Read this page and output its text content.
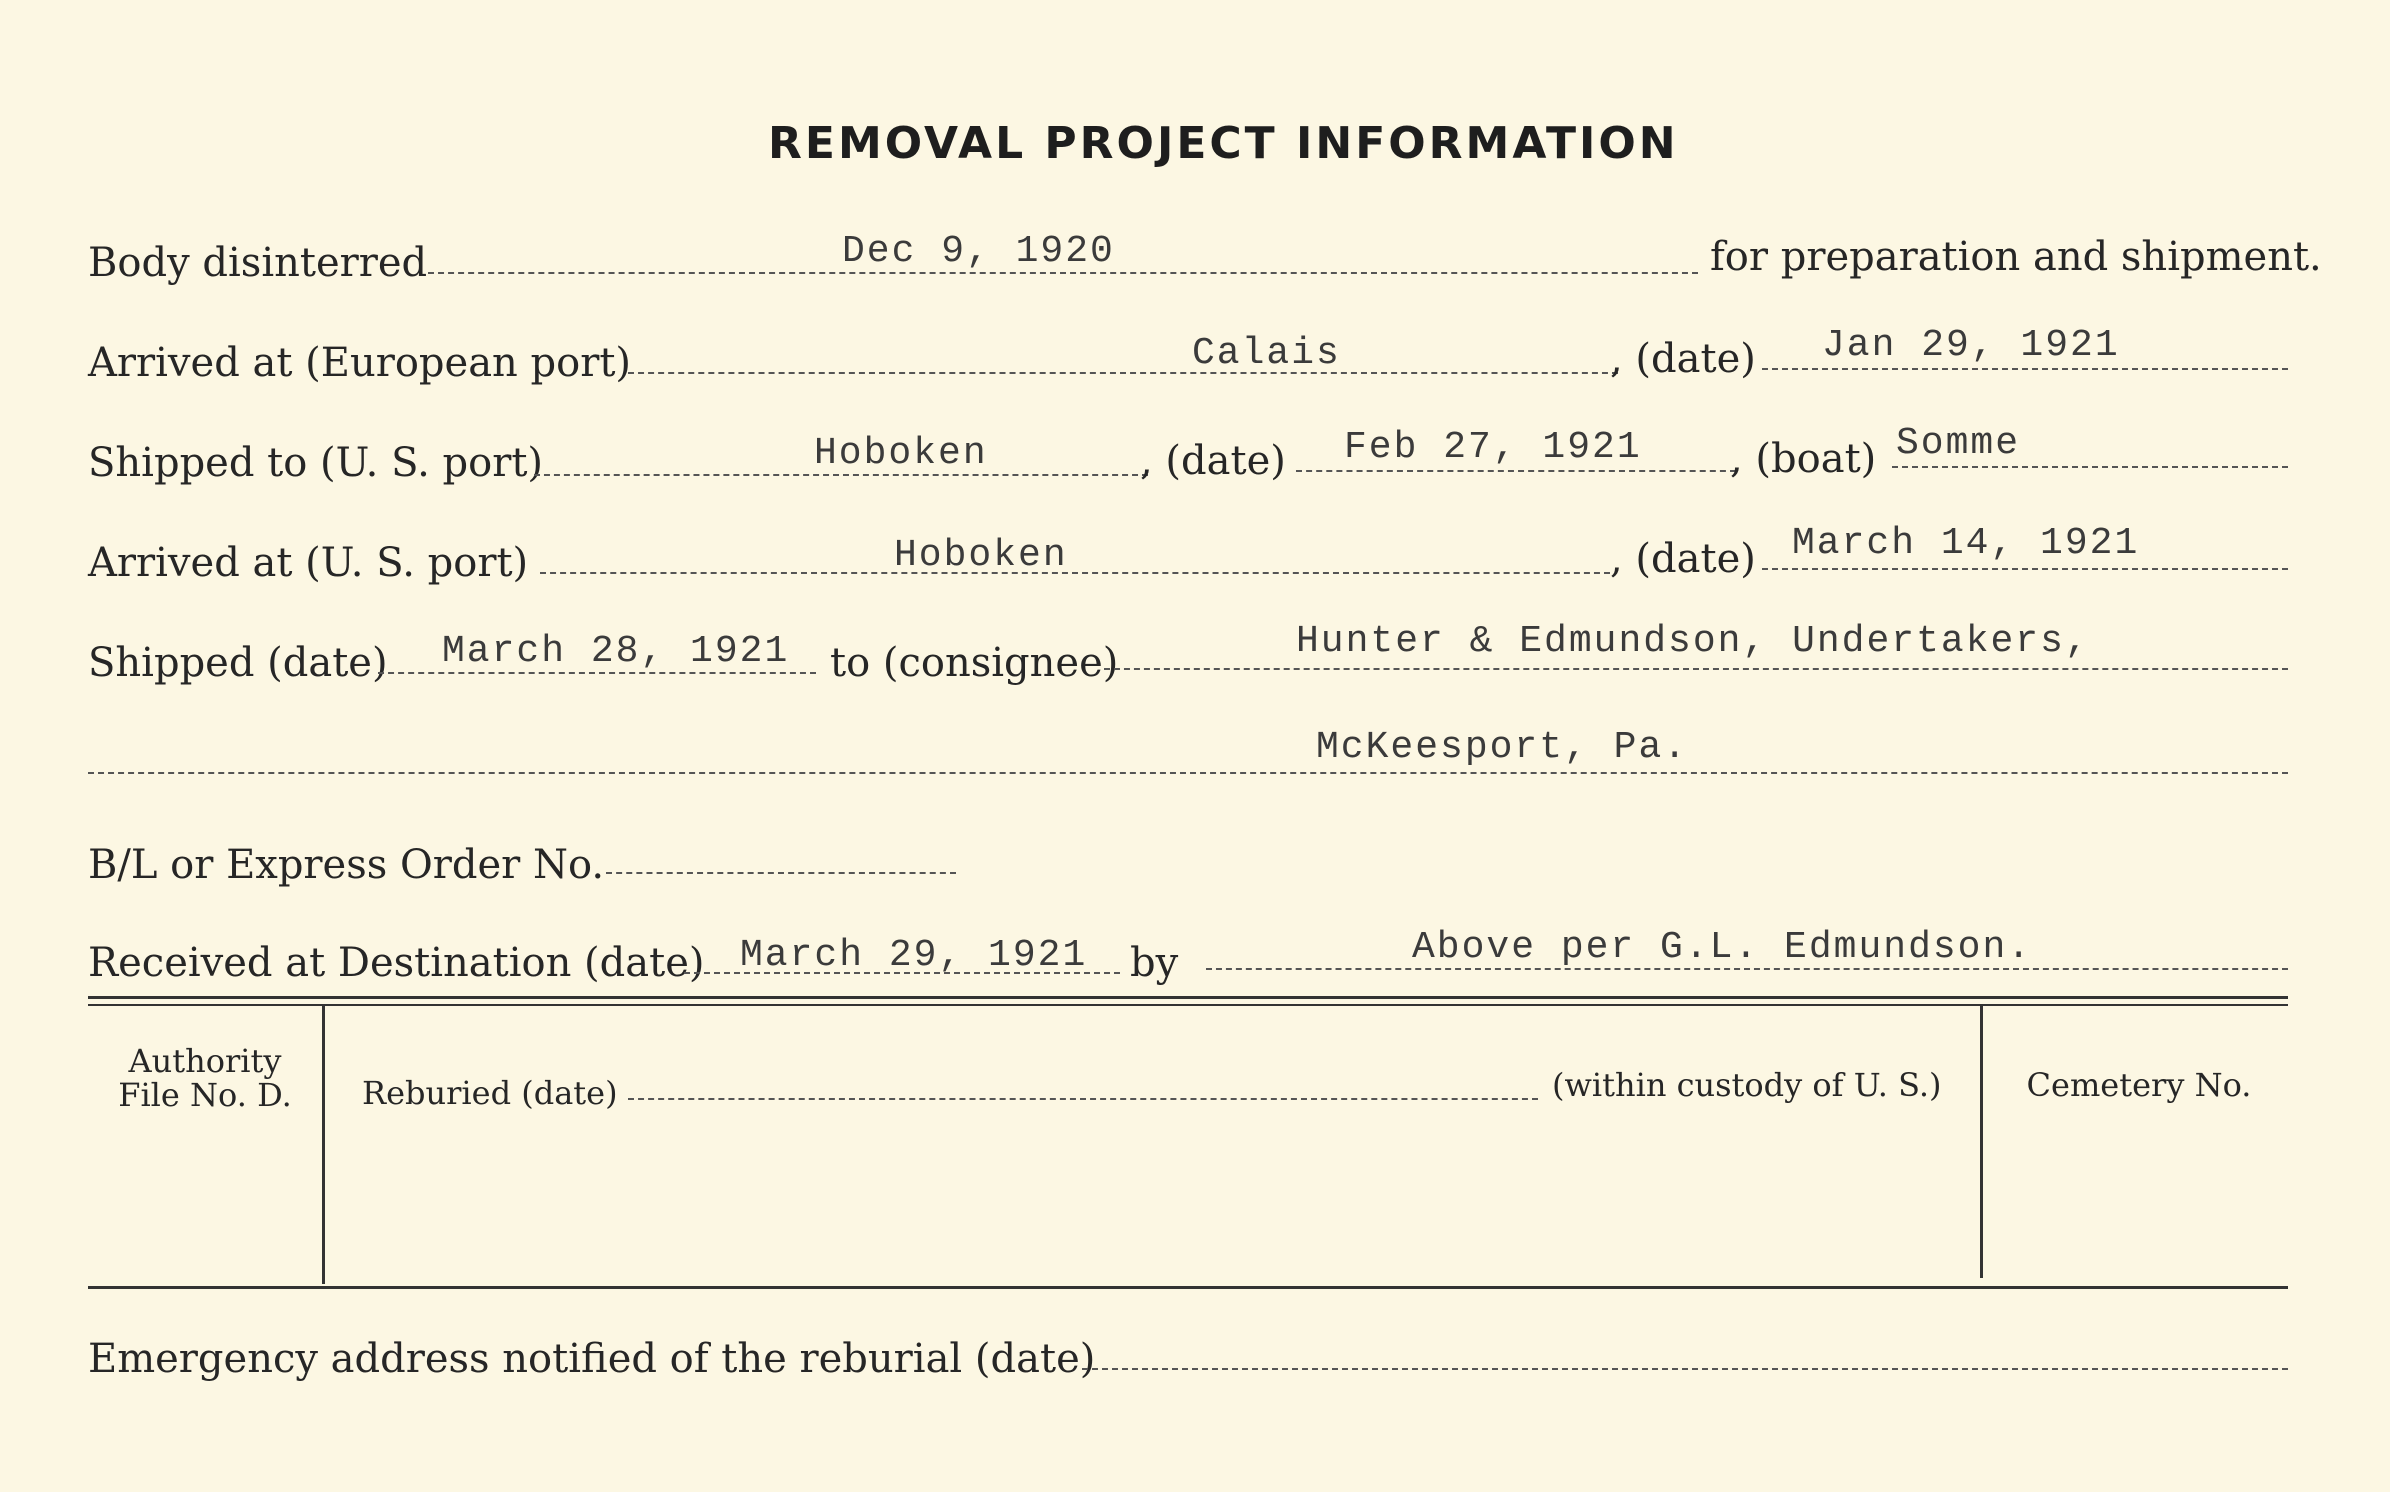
REMOVAL PROJECT INFORMATION
Body disinterred	Dec 9, 1920	for preparation and shipment.
Arrived at (European port)	Calais	, (date) Jan 29, 1921
Shipped to (U. S. port)	Hoboken	, (date) Feb 27, 1921 , (boat) Somme
Arrived at (U. S. port)	Hoboken	, (date) March 14, 1921
Shipped (date) March 28, 1921 to (consignee)	Hunter & Edmundson, Undertakers,
McKeesport, Pa.
B/L or Express Order No.
Received at Destination (date) March 29, 1921 by	Above per G.L. Edmundson.
Authority
File No. D.	Reburied (date)	(within custody of U. S.)	Cemetery No.
Emergency address notified of the reburial (date)
